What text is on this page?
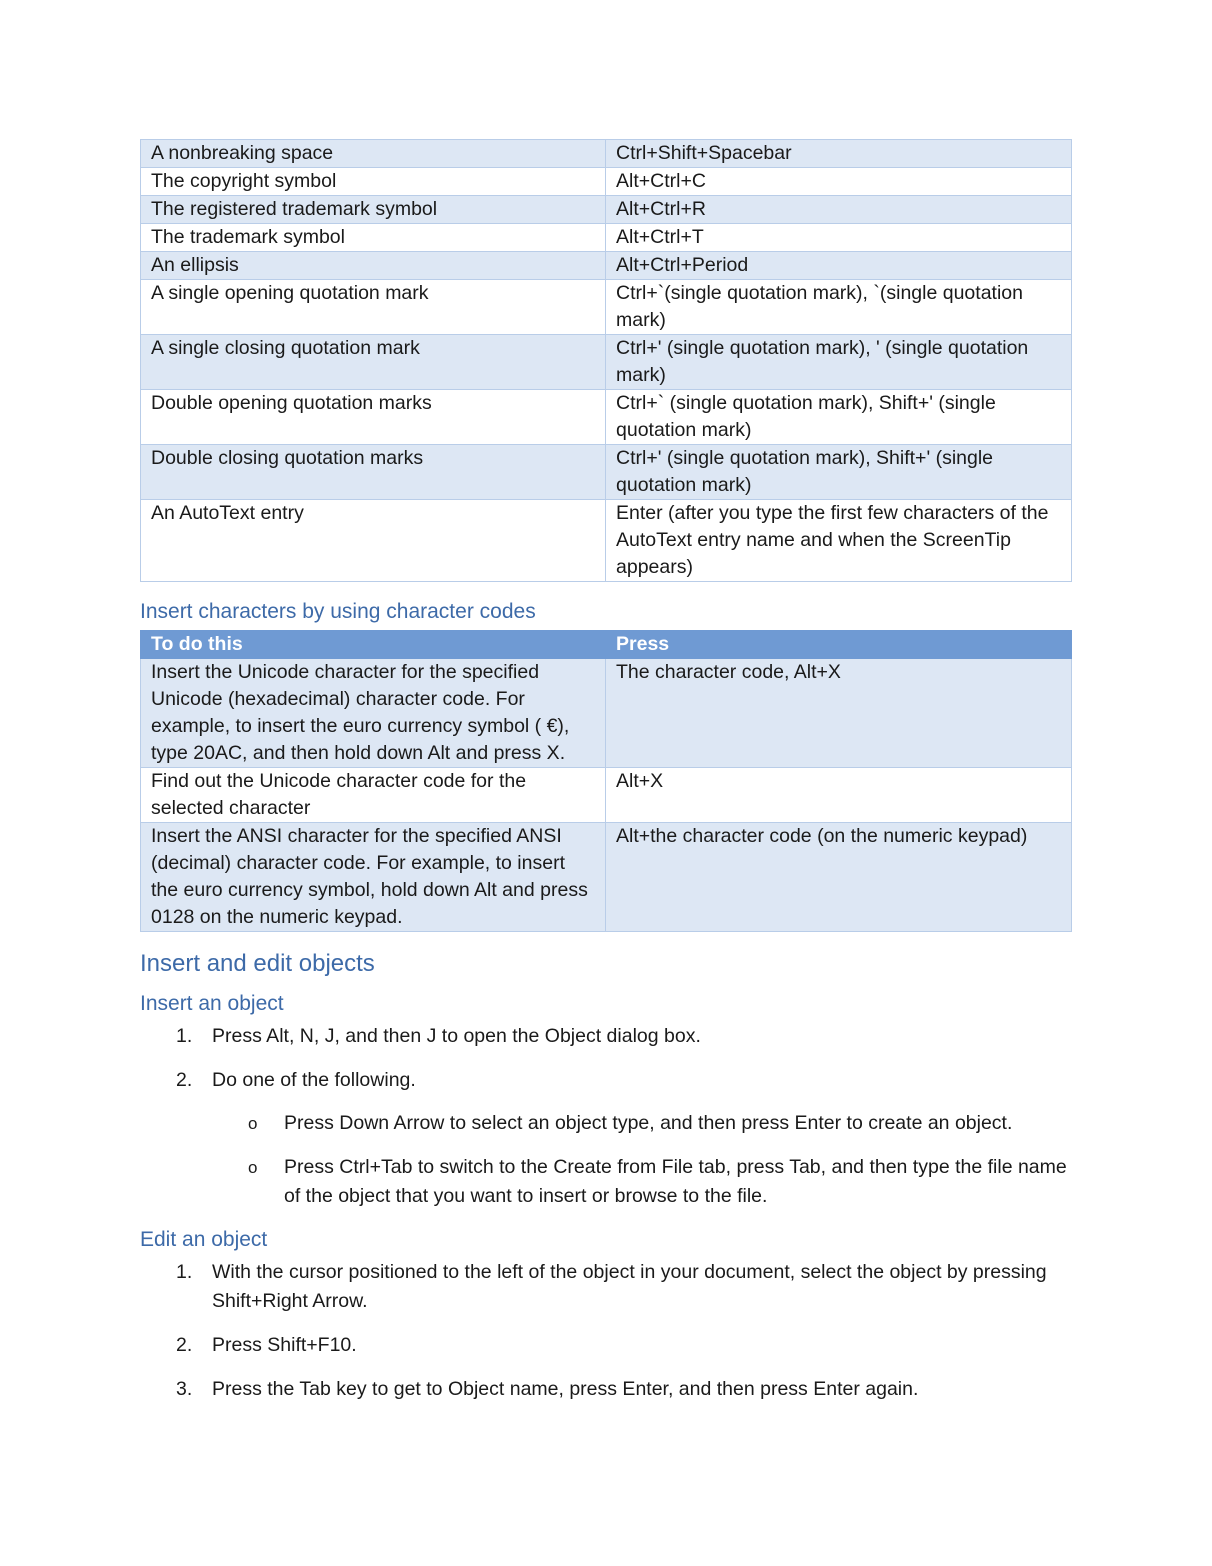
A nonbreaking space	Ctrl+Shift+Spacebar
The copyright symbol	Alt+Ctrl+C
The registered trademark symbol	Alt+Ctrl+R
The trademark symbol	Alt+Ctrl+T
An ellipsis	Alt+Ctrl+Period
A single opening quotation mark	Ctrl+`(single quotation mark), `(single quotation mark)
A single closing quotation mark	Ctrl+' (single quotation mark), ' (single quotation mark)
Double opening quotation marks	Ctrl+` (single quotation mark), Shift+' (single quotation mark)
Double closing quotation marks	Ctrl+' (single quotation mark), Shift+' (single quotation mark)
An AutoText entry	Enter (after you type the first few characters of the AutoText entry name and when the ScreenTip appears)
Insert characters by using character codes
To do this	Press
Insert the Unicode character for the specified Unicode (hexadecimal) character code. For example, to insert the euro currency symbol ( €), type 20AC, and then hold down Alt and press X.	The character code, Alt+X
Find out the Unicode character code for the selected character	Alt+X
Insert the ANSI character for the specified ANSI (decimal) character code. For example, to insert the euro currency symbol, hold down Alt and press 0128 on the numeric keypad.	Alt+the character code (on the numeric keypad)
Insert and edit objects
Insert an object
1. Press Alt, N, J, and then J to open the Object dialog box.
2. Do one of the following.
o Press Down Arrow to select an object type, and then press Enter to create an object.
o Press Ctrl+Tab to switch to the Create from File tab, press Tab, and then type the file name of the object that you want to insert or browse to the file.
Edit an object
1. With the cursor positioned to the left of the object in your document, select the object by pressing Shift+Right Arrow.
2. Press Shift+F10.
3. Press the Tab key to get to Object name, press Enter, and then press Enter again.
